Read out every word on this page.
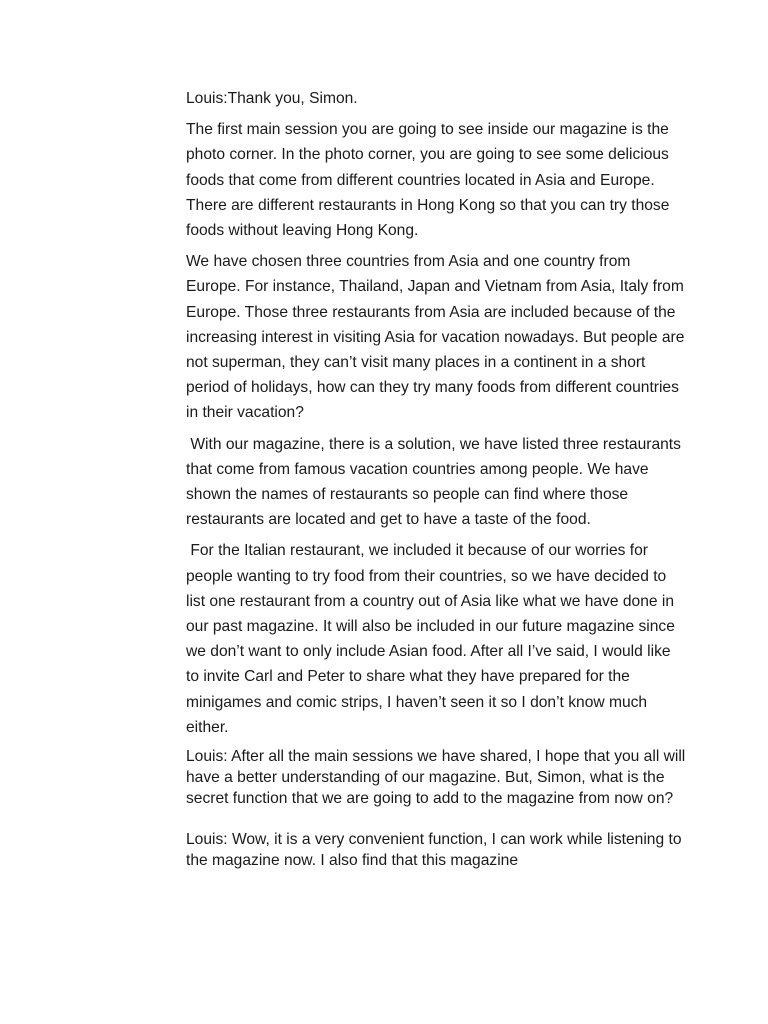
Louis:Thank you, Simon.

The first main session you are going to see inside our magazine is the photo corner. In the photo corner, you are going to see some delicious foods that come from different countries located in Asia and Europe. There are different restaurants in Hong Kong so that you can try those foods without leaving Hong Kong.

We have chosen three countries from Asia and one country from Europe. For instance, Thailand, Japan and Vietnam from Asia, Italy from Europe. Those three restaurants from Asia are included because of the increasing interest in visiting Asia for vacation nowadays. But people are not superman, they can’t visit many places in a continent in a short period of holidays, how can they try many foods from different countries in their vacation?

With our magazine, there is a solution, we have listed three restaurants that come from famous vacation countries among people. We have shown the names of restaurants so people can find where those restaurants are located and get to have a taste of the food.

For the Italian restaurant, we included it because of our worries for people wanting to try food from their countries, so we have decided to list one restaurant from a country out of Asia like what we have done in our past magazine. It will also be included in our future magazine since we don’t want to only include Asian food. After all I’ve said, I would like to invite Carl and Peter to share what they have prepared for the minigames and comic strips, I haven’t seen it so I don’t know much either.

Louis: After all the main sessions we have shared, I hope that you all will have a better understanding of our magazine. But, Simon, what is the secret function that we are going to add to the magazine from now on?

Louis: Wow, it is a very convenient function, I can work while listening to the magazine now. I also find that this magazine
